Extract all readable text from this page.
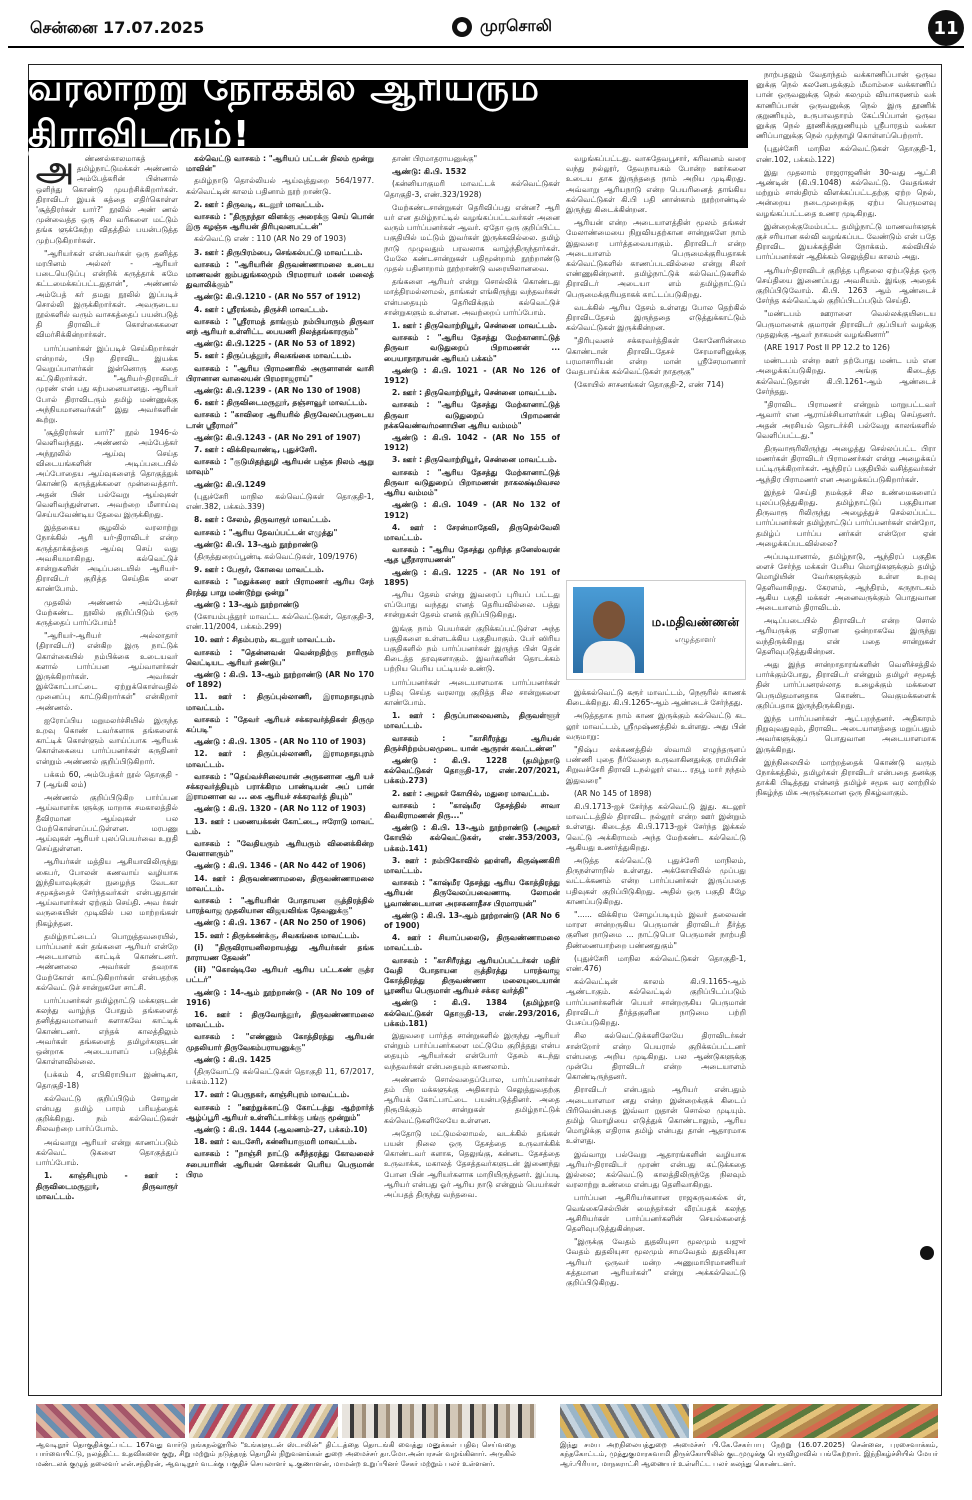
சென்னை 17.07.2025	முரசொலி	11
வரலாற்று நோக்கில் ஆரியரும் திராவிடரும்!
அ	ண்ணல்காலமாகத் தமிழ்நாட்டுமக்கள் அண்ணல் அம்பேத்கரின் பின்னால் ஒளிந்து கொண்டு முயற்சிக்கிறார்கள். திராவிடர் இயக் கத்தை எதிர்கொள்ள 'சூத்திரர்கள் யார்?' நூலில் அண் ணல் முன்வைத்த ஒரு சில வரிகளை மட்டும் தங்க ளுக்கேற்ற விதத்தில் பயன்படுத்த முற்படுகிறார்கள்.

"ஆரியர்கள் என்பவர்கள் ஒரு தனித்த மரபினம் அல்லர் - ஆரியர் படையெடுப்பு என்றிக் கருத்தாக் கமே கட்டமைக்கப்பட்டதுதான்", அண்ணல் அம்பேத் கர் தமது நூலில் இப்படிச் சொல்லி இருக்கிறார்கள். அவருடைய நூல்களில் வரும் வாசகத்தைப் பயன்படுத் தி திராவிடர் கொள்கைகளை விமர்சிக்கின்றார்கள்.

பார்ப்பனர்கள் இப்படிச் செய்கிறார்கள் என்றால், பிற திராவிட இயக்க வெறுப்பாளர்கள் இன்னொரு கதை கட்டுகிறார்கள். "ஆரியர்-திராவிடர் முரண் என் பது கற்பனையானது. ஆரியர் போல் திராவிடரும் தமிழ் மண்ணுக்கு அந்நியமானவர்கள்" இது அவர்களின் கூற்று.

'சூத்திரர்கள் யார்?' நூல் 1946-ல் வெளிவந்தது. அண்ணல் அம்பேத்கர் அந்நூலில் ஆய்வு செய்த விடையங்களின் அடிப்படையில் அப்போதைய ஆய்வுகளைத் தொகுத்துக் கொண்டு கருத்துக்களை முன்வைத்தார். அதன் பின் பல்வேறு ஆய்வுகள் வெளிவந்துள்ளன. அவற்றை மீளாய்வு செய்யவேண்டிய தேவை இருக்கிறது.

இத்தகைய சூழலில் வரலாற்று நோக்கில் ஆரி யர்-திராவிடர் என்ற கருத்தாக்கத்தை ஆய்வு செய் வது அவசியமாகிறது. கல்வெட்டுச் சான்றுகளின் அடிப்படையில் ஆரியர்-திராவிடர் குறித்த செய்திக ளை காண்போம்.

முதலில் அண்ணல் அம்பேத்கர் மேற்கண்ட நூலில் குறிப்பிடும் ஒரு கருத்தைப் பார்ப்போம்!

"ஆரியர்-ஆரியர் அல்லாதார் (திராவிடர்) என்கிற இரு நாட்டுக் கொள்கையில் நம்பிக்கை உடையவர் களால் பார்ப்பன ஆய்வாளர்கள் இருக்கிறார்கள். அவர்கள் இக்கோட்பாட்டை ஏற்றுக்கொள்வதில் முனைப்பு காட்டுகிறார்கள்" என்கிறார் அண்ணல்.

ஐரோப்பிய மறுமலர்ச்சியில் இருந்த உறவு கொண் டவர்களாக தங்களைக் காட்டிக் கொள்ளும் வாய்ப்பாக ஆரியக் கொள்கையை பார்ப்பனர்கள் கருதினர் என்றும் அண்ணல் குறிப்பிடுகிறார்.

பக்கம் 60, அம்பேத்கர் நூல் தொகுதி - 7 (ஆங்கி லம்)

அண்ணல் குறிப்பிடுகிற பார்ப்பன ஆய்வாளர்க ளுக்கு மாறாக சமகாலத்தில் தீவிரமான ஆய்வுகள் பல மேற்கொள்ளப்பட்டுள்ளன. மரபணு ஆய்வுகள் ஆரியர் புலப்பெயர்வை உறுதி செய்துள்ளன.

ஆரியர்கள் மத்திய ஆசியாவிலிருந்து கைபர், போலன் கணவாய் வழியாக இந்தியாவுக்குள் நுழைந்த வேடகா சமூகத்தைச் சேர்ந்தவர்கள் என்பதுதான் ஆய்வாளர்கள் ஏற்கும் செய்தி. அவ ர்கள் வருகையின் முடிவில் பல மாற்றங்கள் நிகழ்ந்தன.

தமிழ்நாட்டைப் பொறுத்தவரையில், பார்ப்பனர் கள் தங்களை ஆரியர் என்றே அடையாளம் காட்டிக் கொண்டனர். அண்ணலை அவர்கள் தவறாக மேற்கோள் காட்டுகிறார்கள் என்பதற்கு கல்வெட் டுச் சான்றுகளே சாட்சி.

பார்ப்பனர்கள் தமிழ்நாட்டு மக்களுடன் கலந்து வாழ்ந்த போதும் தங்களைத் தனித்துவமானவர் களாகவே காட்டிக் கொண்டனர். எந்தக் காலத்திலும் அவர்கள் தங்களைத் தமிழர்களுடன் ஒன்றாக அடையாளப் படுத்திக் கொள்ளவில்லை.

(பக்கம் 4, எபிகிராபியா இண்டிகா, தொகுதி-18)

கல்வெட்டு குறிப்பிடும் சோழன் என்பது தமிழ் பாரம் பரியத்தைக் குறிக்கிறது. நம் கல்வெட்டுகள் சிலவற்றை பார்ப்போம்.

அவ்வாறு ஆரியர் என்று காணப்படும் கல்வெட் டுகளை தொகுத்துப் பார்ப்போம்.

1. காஞ்சிபுரம் - ஊர் : திருவிடைமருதூர், திருவாரூர் மாவட்டம்.

கல்வெட்டு வாசகம் : "ஆரியப் பட்டன் நிலம் மூன்று மாவின்"

தமிழ்நாடு தொல்லியல் ஆய்வுத்துறை 564/1977. கல்வெட்டின் காலம் பதினாம் நூற் றாண்டு.

2. ஊர் : திருவடி, கடலூர் மாவட்டம்.

வாசகம் : "திருநந்தா விளக்கு அரைக்கு செய் பொன் இரு கழஞ்சு ஆரியன் திரிபுவனபட்டன்"

கல்வெட்டு எண் : 110 (AR No 29 of 1903)

3. ஊர் : திருபிரம்பை, செங்கல்பட்டு மாவட்டம்.

வாசகம் : "ஆரியரின் திருவண்ணாமலை உடைய மாணவன் ஐம்பதுங்கலமும் பிரமராயர் மகன் மலைத் துவாலிக்கும்"

ஆண்டு: கி.பி.1210 - (AR No 557 of 1912)

4. ஊர் : ஸ்ரீரங்கம், திருச்சி மாவட்டம்.

வாசகம் : "ஸ்ரீராமத் தாங்கும் நம்பியாரும் திருவா னந் ஆரியர் உள்ளிட்ட பையணி நிலத்தங்காரரும்"

ஆண்டு: கி.பி.1225 - (AR No 53 of 1892)

5. ஊர் : திருப்பத்தூர், சிவகங்கை மாவட்டம்.

வாசகம் : "ஆரிய பிராமணரில் அருளாளன் வாசி பிரானான வாலையன் பிரமராஜராய்"

ஆண்டு: கி.பி.1239 - (AR No 130 of 1908)

6. ஊர் : திருவிடைமருதூர், தஞ்சாவூர் மாவட்டம்.

வாசகம் : "காவிரை ஆரியரில் திருவேலப்பருடைய டான் ஸ்ரீராமர்"

ஆண்டு: கி.பி.1243 - (AR No 291 of 1907)

7. ஊர் : விக்கிரவாண்டி, புதுச்சேரி.

வாசகம் : "குடுமிதந்துழி ஆரியன் பஞ்சு நிலம் ஆறு மாவும்"

ஆண்டு: கி.பி.1249

(புதுச்சேரி மாநில கல்வெட்டுகள் தொகுதி-1, எண்.382, பக்கம்.339)

8. ஊர் : சேலம், திருவாரூர் மாவட்டம்.

வாசகம் : "ஆரிய தேவப்பட்டன் எழுத்து"

ஆண்டு: கி.பி. 13-ஆம் நூற்றாண்டு

(திருத்துறைப்பூண்டி கல்வெட்டுகள், 109/1976)

9. ஊர் : பேரூர், கோவை மாவட்டம்.

வாசகம் : "மதுக்கரை ஊர் பிராமணர் ஆரிய சேந் திரத்து பாறு மண்டூற்று ஒன்று"

ஆண்டு : 13-ஆம் நூற்றாண்டு

(கோயம்புத்தூர் மாவட்ட கல்வெட்டுகள், தொகுதி-3, எண்.11/2004, பக்கம்.299)

10. ஊர் : சிதம்பரம், கடலூர் மாவட்டம்.

வாசகம் : "தென்னவன் வென்றதிற்கு நாரிரும் வெட்டியட ஆரியர் தண்டுப"

ஆண்டு : கி.பி. 13-ஆம் நூற்றாண்டு (AR No 170 of 1892)

11. ஊர் : திருப்புல்லாணி, இராமநாதபுரம் மாவட்டம்.

வாசகம் : "தேவர் ஆரியச் சக்கரவர்த்திகள் திருமு கப்படி"

ஆண்டு : கி.பி. 1305 - (AR No 110 of 1903)

12. ஊர் : திருப்புல்லாணி, இராமநாதபுரம் மாவட்டம்.

வாசகம் : "தெய்வச்சிலையான் அருகனான ஆரி யச் சக்கரவர்த்தியும் பராக்கிரம பாண்டியன் அப் பான் இராமனான வ ... கை ஆரியச் சக்கரவர்த் தியும்"

ஆண்டு : கி.பி. 1320 - (AR No 112 of 1903)

13. ஊர் : பணையக்கன் கோட்டை, ஈரோடு மாவட் டம்.

வாசகம் : "வேதியரும் ஆரியரும் வினைக்கின்ற வேளாளரும்"

ஆண்டு : கி.பி. 1346 - (AR No 442 of 1906)

14. ஊர் : திருவண்ணாமலை, திருவண்ணாமலை மாவட்டம்.

வாசகம் : "ஆரியரின் போதாயன சூத்திரத்தில் பாரத்வாஜ முதலியான விஜயவிங்க தேவனுக்கு"

ஆண்டு : கி.பி. 1367 - (AR No 250 of 1906)

15. ஊர் : திருக்கண்க்கு, சிவகங்கை மாவட்டம்.

(i) "திருவிராயனிலறாயத்து ஆரியர்கள் தங்க நாராயண தேவன்"

(ii) "கொஷ்டிலே ஆரியர் ஆரிய பட்டகண் சூத்ர பட்டர்"

ஆண்டு : 14-ஆம் நூற்றாண்டு - (AR No 109 of 1916)

16. ஊர் : திருவோத்தூர், திருவண்ணாமலை மாவட்டம்.

வாசகம் : "எண்ணும் கோத்திரத்து ஆரியன் முதலியார் திருவேகம்பராயனுக்கு"

ஆண்டு : கி.பி. 1425

(திருவோட்டு கல்வெட்டுகள் தொகுதி 11, 67/2017, பக்கம்.112)

17. ஊர் : பெருநகர், காஞ்சிபுரம் மாவட்டம்.

வாசகம் : "ஊற்றுக்காட்டு கோட்டத்து ஆற்றார்த் ஆழ்ப்பூரி ஆரியர் உள்ளிட்டார்க்கு பங்கு மூன்றும்"

ஆண்டு : கி.பி. 1444 (ஆவணம்-27, பக்கம்.10)

18. ஊர் : வடசேரி, கன்னியாகுமரி மாவட்டம்.

வாசகம் : "நாஞ்சி நாட்டு சுசீந்தரத்து கோவலைச் சபையாரின் ஆரியன் சொக்கன் பெரிய பெருமான் பிரம

தாண் பிரமாதராயனுக்கு"

ஆண்டு: கி.பி. 1532

(கன்னியாகுமரி மாவட்டக் கல்வெட்டுகள் தொகுதி-3, எண்.323/1928)

மேற்கண்டசான்றுகள் தெரிவிப்பது என்ன? ஆரி யர் என தமிழ்நாட்டில் வழங்கப்பட்டவர்கள் அனை வரும் பார்ப்பனர்கள் ஆவர். ஏதோ ஒரு குறிப்பிட்ட பகுதியில் மட்டும் இவர்கள் இருக்கவில்லை. தமிழ் நாடு முழுவதும் பரவலாக வாழ்ந்திருந்தார்கள். மேலே கண்டசான்றுகள் பதிமூன்றாம் நூற்றாண்டு முதல் பதினாறாம் நூற்றாண்டு வரையிலானவை.

தங்களை ஆரியர் என்று சொல்லிக் கொண்டது மாத்திரமல்லாமல், தாங்கள் எங்கிருந்து வந்தவர்கள் என்பதையும் தெரிவிக்கும் கல்வெட்டுச் சான்றுகளும் உள்ளன. அவற்றைப் பார்ப்போம்.

1. ஊர் : திருவொற்றியூர், சென்னை மாவட்டம்.

வாசகம் : "ஆரிய தேசத்து மேற்கானாட்டுத் திருவா வடுதுறைப் பிறாமணன் ... பையாநாநாயன் ஆரியப் பக்கம்"

ஆண்டு : கி.பி. 1021 - (AR No 126 of 1912)

2. ஊர் : திருவொற்றியூர், சென்னை மாவட்டம்.

வாசகம் : "ஆரிய தேசத்து மேற்கானாட்டுத் திருவா வடுதுறைப் பிறாமணன் நக்கவெண்வர்மனாயின ஆரிய வம்மம்"

ஆண்டு : கி.பி. 1042 - (AR No 155 of 1912)

3. ஊர் : திருவொற்றியூர், சென்னை மாவட்டம்.

வாசகம் : "ஆரிய தேசத்து மேற்கானாட்டுத் திருவா வடுதுறைப் பிறாமணன் நாகலக்ஷ்மிவசல ஆரிய வம்மம்"

ஆண்டு : கி.பி. 1049 - (AR No 132 of 1912)

4. ஊர் : சேரன்மாதேவி, திருநெல்வேலி மாவட்டம்.

வாசகம் : "ஆரிய தேசத்து முரிந்த தனேஸ்வரன் ஆத ஸ்ரீநாராயணன்"

ஆண்டு : கி.பி. 1225 - (AR No 191 of 1895)

ஆரிய தேசம் என்று இவரைப் புரியப் பட்டது எப்போது வந்தது எனத் தெரியவில்லை. பத்து சான்றுகள் தேசம் எனக் குறிப்பிடுகிறது.

இங்கு நாம் பெயர்கள் குறிக்கப்பட்டுள்ள அந்த பகுதிகளை உள்ளடக்கிய பகுதியாகும். பேர் ஸிரிய பகுதிகளில் நம் பார்ப்பனர்கள் இருந்த பின் தென் கிடைத்த தரவுகளாகும். இவர்களின் தொடக்கம் பற்றிய பெரிய பட்டியல் உண்டு.

பார்ப்பனர்கள் அடையாளமாக பார்ப்பனர்கள் பதிவு செய்த வரலாறு குறித்த சில சான்றுகளை காண்போம்.

1. ஊர் : திருப்பாலைவனம், திருவள்ளூர் மாவட்டம்.

வாசகம் : "காசிரீரத்து ஆரியன் திருச்சிற்றம்பலமுடை யான் ஆருரன் கவட்டண்ன"

ஆண்டு : கி.பி. 1228 (தமிழ்நாடு கல்வெட்டுகள் தொகுதி-17, எண்.207/2021, பக்கம்.273)

2. ஊர் : அழகர் கோயில், மதுரை மாவட்டம்.

வாசகம் : "காஷ்மீர தேசத்தில் சாவா கிவகிராமணன் நிரு..."

ஆண்டு : கி.பி. 13-ஆம் நூற்றாண்டு (அழகர் கோயில் கல்வெட்டுகள், எண்.353/2003, பக்கம்.141)

3. ஊர் : நம்பிகோவில் ஹள்ளி, கிருஷ்ணகிரி மாவட்டம்.

வாசகம் : "காஷ்மீர தேசத்து ஆரிய கோத்திரத்து ஆரியன் திருவேலப்பவைணாடி லோமன் பூவாண்டையான அரசகனாதீசச பிரமாரயன்"

ஆண்டு : கி.பி. 13-ஆம் நூற்றாண்டு (AR No 6 of 1900)

4. ஊர் : சியாப்பலைடு, திருவண்ணாமலை மாவட்டம்.

வாசகம் : "காசிரீரத்து ஆரியப்பட்டர்கள் மதிர் வேதி போதாயன சூத்திரத்து பாரத்வாஜ கோத்திரத்து திருவண்ணா மலையுடையான் பூரணிய பெருமாள் ஆரியச் சக்கர வர்த்தி"

ஆண்டு : கி.பி. 1384 (தமிழ்நாடு கல்வெட்டுகள் தொகுதி-13, எண்.293/2016, பக்கம்.181)

இதுவரை பார்த்த சான்றுகளில் இருந்து ஆரியர் என்றும் பார்ப்பனர்களை மட்டுமே குறித்தது என்ப தையும் ஆரியர்கள் என்போர் தேசம் கடந்து வந்தவர்கள் என்பதையும் காணலாம்.

அண்ணல் சொல்வதைப்போல, பார்ப்பனர்கள் தம் பிற மக்களுக்கு அதிகாரம் செலுத்துவதற்கு ஆரியக் கோட்பாட்டை பயன்படுத்தினர். அதை நிரூபிக்கும் சான்றுகள் தமிழ்நாட்டுக் கல்வெட்டுகளிலேயே உள்ளன.

அதோடு மட்டுமல்லாமல், வடக்கில் தங்கள் பயன் நிலை ஒரு தேசத்தை உருவாக்கிக் கொண்டவர் களாக, தெலுங்கு, கன்னட தேசத்தை உருவாக்க, மகாலத் தேசத்தவர்களுடன் இணைந்து போன பின் ஆரியர்களாக மாறியிருந்தனர். இப்படி ஆரியர் என்பது ஓர் ஆரிய நாடு என்னும் பெயர்கள் அப்பதத் திருந்து வந்தவை.

வழங்கப்பட்டது. வாசுதேவபூசார், கரிவனம் வரை வந்து நல்லூர், தேவநாயகம் போன்ற ஊர்களை உடைய தாக இருந்ததை நாம் அறிய முடிகிறது. அவ்வாறு ஆரியநாடு என்ற பெயரினைத் தாங்கிய கல்வெட்டுகள் கி.பி பதி னான்காம் நூற்றாண்டில் இருந்து கிடைக்கின்றன.

ஆரியன் என்ற அடையாளத்தின் மூலம் தங்கள் மேலாண்மையை நிறுவியதற்கான சான்றுகளே நாம் இதுவரை பார்த்தவையாகும். திராவிடர் என்ற அடையாளம் பெருமைக்குரியதாகக் கல்வெட்டுகளில் காணப்படவில்லை என்று சிலர் எண்ணுகின்றனர். தமிழ்நாட்டுக் கல்வெட்டுகளில் திராவிடர் அடையா ளம் தமிழ்நாட்டுப் பெருமைக்குரியதாகக் காட்டப்படுகிறது.

வடக்கில் ஆரிய தேசம் உள்ளது போல தெற்கில் திராவிடதேசம் இருந்ததை எடுத்துக்காட்டும் கல்வெட்டுகள் இருக்கின்றன.

"திரிபுவனச் சக்கரவர்த்திகள் கோனேரின்மை கொண்டான் திராவிடதேசச் சேரமாளினுக்கு பரமாசாரியன் என்ற மான் ஸ்ரீசேரமானார் வேதபாய்க்க கல்வெட்டுகள் நாதரூகு"

(கோயில் சாசனங்கள் தொகுதி-2, எண் 714)

ம.மதிவண்ணன்
எழுத்தாளர்

இக்கல்வெட்டு கரூர் மாவட்டம், நெரூரில் காணக் கிடைக்கிறது. கி.பி.1265-ஆம் ஆண்டைச் சேர்ந்தது.

அடுத்ததாக நாம் காண இருக்கும் கல்வெட்டு கட லூர் மாவட்டம், ஸ்ரீமுஷ்ணத்தில் உள்ளது. அது பின் வருமாறு:

"நிஷ்ப லக்கணத்தில் ஸ்வாமி எழுந்தருளப் பண்ணி புதை நீர்வேநை உருவாகினதுக்கு ராமியின் சிறுவச்சேரி திராவி டநல்லூர் எவ... ரதபூ மார் நந்தம் இதுவரை"

(AR No 145 of 1898)

கி.பி.1713-ஐச் சேர்ந்த கல்வெட்டு இது. கடலூர் மாவட்டத்தில் திராவிட நல்லூர் என்ற ஊர் இன்றும் உள்ளது. கிடைத்த கி.பி.1713-ஐச் சேர்ந்த இக்கல் வெட்டு அக்கிராமம் அந்த மேற்கண்ட கல்வெட்டு ஆகியது உணர்த்துகிறது.

அடுத்த கல்வெட்டு புதுச்சேரி மாநிலம், திருநள்ளாறில் உள்ளது. அக்கோயிலில் முப்பது வட்டக்கணம் என்ற பார்ப்பனர்கள் இருப்பதை பதிவுகள் குறிப்பிடுகிறது. அதில் ஒரு பகுதி கீழே காணப்படுகிறது.

"...... விக்கிரம சோழப்படியும் இவர் தலைவன் மாரள சான்றருகிய பெருமான் திராவிடர் தீர்த்த குளின நாடுமை ... நாட்டுபொ பெருமான் நாற்பதி திண்ணையாற்றை பண்ணதுகும்"

(புதுச்சேரி மாநில கல்வெட்டுகள் தொகுதி-1, எண்.476)

கல்வெட்டின் காலம் கி.பி.1165-ஆம் ஆண்டாகும். கல்வெட்டில் குறிப்பிடப்படும் பார்ப்பனர்களின் பெயர் சான்றருகிய பெருமான் திராவிடர் தீர்த்தகுளின நாடுமை பற்றி பேசப்படுகிறது.

சில கல்வெட்டுக்களிலேயே திராவிடர்கள் சான்றோர் என்ற பெயரால் குறிக்கப்பட்டனர் என்பதை அறிய முடிகிறது. பல ஆண்டுகளுக்கு முன்பே திராவிடர் என்ற அடையாளம் கொண்டிருந்தனர்.

திராவிடர் என்பதும் ஆரியர் என்பதும் அடையாளமா னது என்ற இன்றைக்குக் கிடைப் பிரிவென்பதை இவ்வா றுதான் சொல்ல முடியும். தமிழ் மொழியை எடுத்துக் கொண்டாலும், ஆரிய மொழிக்கு எதிராக தமிழ் என்பது தான் ஆதாரமாக உள்ளது.

இவ்வாறு பல்வேறு ஆதாரங்களின் வழியாக ஆரியர்-திராவிடர் முரண் என்பது கட்டுக்கதை இல்லை; கல்வெட்டு காலத்திலிருந்தே நிலவும் வரலாற்று உண்மை என்பது தெளிவாகிறது.

பார்ப்பன ஆசிரியர்களான ராஜகருவகல்க ள், வெங்கைசெல்பின் மைந்தர்கள் வீரப்பதக் கலந்த ஆசிரியர்கள் பார்ப்பனர்களின் செயல்களைத் தெளிவுபடுத்துகின்றன.

"இருக்கு வேதம் துதலியுசா மூலமும் யஜுர் வேதம் துதலியுசா மூலமும் சாமவேதம் துதலியுசா ஆரியர் ஒருவர் மன்ற அணுமாபிரமாணியர் சுத்தமான ஆரியர்கள்" என்று அக்கல்வெட்டு குறிப்பிடுகிறது.

நாற்பதலும் வேதாந்தம் வக்காணிப்பான் ஒருவ னுக்கு நெல் கலனேபதக்கும் மீமாம்சை வக்காணிப் பான் ஒருவனுக்கு நெல் கலமும் வியாகரணம் வக் காணிப்பான் ஒருவனுக்கு நெல் இரு தூணிக் குறுணியும், உருபாவதாரம் கேட்பிப்பான் ஒருவ னுக்கு நெல் தூணிக்குறுணியும் ஸ்ரீபாரதம் வக்கா ணிப்பானுக்கு நெல் முந்நாழி கொள்ளப்பெற்றார்.

(புதுச்சேரி மாநில கல்வெட்டுகள் தொகுதி-1, எண்.102, பக்கம்.122)

இது முதலாம் ராஜராஜனின் 30-வது ஆட்சி ஆண்டின் (கி.பி.1048) கல்வெட்டு. வேதங்கள் மற்றும் சாஸ்திரம் விளக்கப்பட்டதற்கு ஏற்ற நெல், அன்றைய நடைமுறைக்கு ஏற்ப பெருமளவு வழங்கப்பட்டதை உணர முடிகிறது.

இன்றைக்குமேம்பட்ட தமிழ்நாட்டு மாணவர்களுக் குச் சரியான கல்வி வழங்கப்பட வேண்டும் என் பதே திராவிட இயக்கத்தின் நோக்கம். கல்வியில் பார்ப்பனர்கள் ஆதிக்கம் செலுத்திய காலம் அது.

ஆரியர்-திராவிடர் குறித்த புரிதலை ஏற்படுத்த ஒரு செய்தியை இணைப்பது அவசியம். இங்கு அதைக் குறிப்பிடுவோம். கி.பி. 1263 ஆம் ஆண்டைச் சேர்ந்த கல்வெட்டில் குறிப்பிடப்படும் செய்தி.

"மண்டபம் ஊராளை வெல்லக்குயிடைய பெருமாளைக் குமாரன் திராவிடர் குப்பியர் வழக்கு முதலுக்கு ஆவர் நாகமன் வழங்கினார்"

(ARE 1917 Post II PP 12.2 to 126)

மண்டபம் என்ற ஊர் தற்போது மண்ட பம் என அழைக்கப்படுகிறது. அங்கு கிடைத்த கல்வெட்டுதான் கி.பி.1261-ஆம் ஆண்டைச் சேர்ந்தது.

"திராவிட பிராமணர் என்றும் மாறுபட்டவர் ஆவார் என ஆராய்ச்சியாளர்கள் பதிவு செய்தனர். அதன் அரசியல் தொடர்ச்சி பல்வேறு காலங்களில் வெளிப்பட்டது."

திருவாரூரிலிருந்து அழைத்து செல்லப்பட்ட பிரா மணர்கள் திராவிடர் பிராமணர்கள் என்று அழைக்கப் பட்டிருக்கிறார்கள். ஆந்திரப் பகுதியில் வசித்தவர்கள் ஆந்திர பிராமணர் என அழைக்கப்படுகிறார்கள்.

இந்தச் செய்தி நமக்குச் சில உண்மைகளைப் புலப்படுத்துகிறது. தமிழ்நாட்டுப் பகுதியான திருவாரூ ரிலிருந்து அழைத்துச் செல்லப்பட்ட பார்ப்பனர்கள் தமிழ்நாட்டுப் பார்ப்பனர்கள் என்றோ, தமிழ்ப் பார்ப்ப னர்கள் என்றோ ஏன் அழைக்கப்படவில்லை?

அப்படியானால், தமிழ்நாடு, ஆந்திரப் பகுதிக ளைச் சேர்ந்த மக்கள் பேசிய மொழிகளுக்கும் தமிழ் மொழியின் வேர்களுக்கும் உள்ள உறவு தெளிவாகிறது. கேரளம், ஆந்திரம், கருநாடகம் ஆகிய பகுதி மக்கள் அனைவருக்கும் பொதுவான அடையாளம் திராவிடம்.

அடிப்படையில் திராவிடர் என்ற சொல் ஆரியருக்கு எதிரான ஒன்றாகவே இருந்து வந்திருக்கிறது என் பதை சான்றுகள் தெளிவுபடுத்துகின்றன.

அது இந்த சான்றாதாரங்களின் வெளிச்சத்தில் பார்க்கும்போது, திராவிடர் என்னும் தமிழர் சமூகத் தின் பார்ப்பனரல்லாத உழைக்கும் மக்களை பெருமிதமானதாக கொண்ட வெகுமக்களைக் குறிப்பதாக இருந்திருக்கிறது.

இந்த பார்ப்பனர்கள் ஆட்பறந்தனர். அதிகாரம் நிறுவுவதுவும், திராவிட அடையாளத்தை மறுப்பதும் அவர்களுக்குப் பொதுவான அடையாளமாக இருக்கிறது.

இந்நிலையில் மாற்றத்தைக் கொண்டு வரும் நோக்கத்தில், தமிழர்கள் திராவிடர் என்பதை தனக்கு தாக்கி பிடித்தது என்னத் தமிழ்ச் சமூக வர லாற்றில் நிகழ்ந்த மிக அருஞ்சுமான ஒரு நிகழ்வாகும்.

ஆவடிநூர் தொகுதிக்குட்பட்ட 167வது வார்டு நங்கநல்லூரில் "உங்களுடன் ஸ்டாலின்" திட்டத்தை தொடங்கி வைத்து மனுக்கள் பதிவு செய்வதை பார்வையிட்டு, நலத்திட்ட உதவிகளை குறு, சிறு மற்றும் நடுத்தரத் தொழில் நிறுவனங்கள் துறை அமைச்சர் தா.மோ.அன்பரசன் வழங்கினார். அருகில் மண்டலக் குழுத் தலைவர் என்.சந்திரன், ஆவடிநூர் வடக்கு பகுதிச் செயலாளர் டி.குணாளன், மாமன்ற உறுப்பினர் சேகர் மற்றும் பலர் உள்ளனர்.
இந்து சமய அறநிலையத்துறை அமைச்சர் பி.கே.சேகர்பாபு நேற்று (16.07.2025) சென்னை, புரசைவாக்கம், கந்தகோட்டம், முத்துகுமாரசுவாமி திருக்கோயிலில் குடமுழுக்கு பெருவிழாவில் பங்கேற்றார். இந்நிகழ்ச்சியில் மேயர் ஆர்.பிரியா, மாநகராட்சி ஆணையர் உள்ளிட்ட பலர் கலந்து கொண்டனர்.
